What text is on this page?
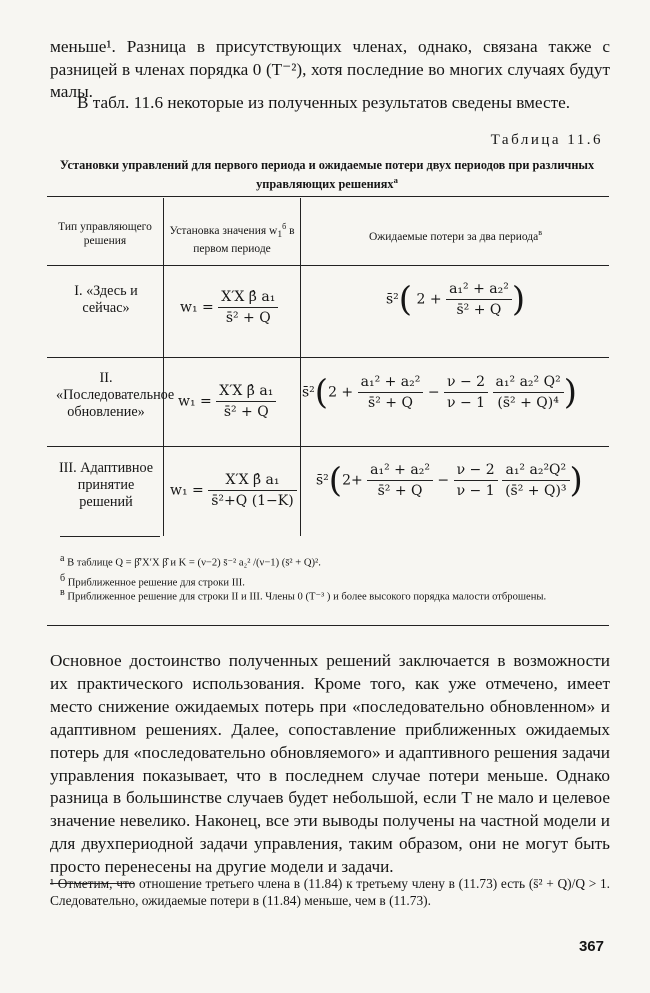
меньше¹. Разница в присутствующих членах, однако, связана также с разницей в членах порядка 0 (T⁻²), хотя последние во многих случаях будут малы.

В табл. 11.6 некоторые из полученных результатов сведены вместе.

Таблица 11.6
Установки управлений для первого периода и ожидаемые потери двух периодов при различных управляющих решениях$^а$
Тип управляющего решения
Установка значения $w_1^б$ в первом периоде
Ожидаемые потери за два периода$^в$
I. «Здесь и сейчас»	$w_1 = \frac{\text{X′X β̂ a₁}}{\text{s̄² + Q}}$	s̄²( $2 + \frac{\text{a₁² + a₂²}}{\text{s̄² + Q}}$ )
II. «Последовательное обновление»
$w_1 = \frac{\text{X′X β̂ a₁}}{\text{s̄² + Q}}$ s̄²(2 + $\frac{\text{a₁² + a₂²}}{\text{s̄² + Q}} - \frac{\nu - 2}{\nu - 1}$
$\frac{\text{a₁² a₂² Q²}}{\text{(s̄² + Q)⁴}}$ )
III. Адаптивное принятие решений
$w_1 = \frac{\text{X′X β̂ a₁}}{\text{s̄²+Q (1−K)}}$ s̄²(2+ $\frac{\text{a₁² + a₂²}}{\text{s̄² + Q}} - \frac{\nu - 2}{\nu - 1}$
$\frac{\text{a₁² a₂²Q²}}{\text{(s̄² + Q)³}}$ )
$^а$ В таблице Q = β̂′X′X β̂ и K = (ν−2) s̄⁻² a₂² /(ν−1) (s̄² + Q)².
$^б$ Приближенное решение для строки III.
$^в$ Приближенное решение для строки II и III. Члены 0 (T⁻³ ) и более высокого порядка малости отброшены.

Основное достоинство полученных решений заключается в возможности их практического использования. Кроме того, как уже отмечено, имеет место снижение ожидаемых потерь при «последовательно обновленном» и адаптивном решениях. Далее, сопоставление приближенных ожидаемых потерь для «последовательно обновляемого» и адаптивного решения задачи управления показывает, что в последнем случае потери меньше. Однако разница в большинстве случаев будет небольшой, если T не мало и целевое значение невелико. Наконец, все эти выводы получены на частной модели и для двухпериодной задачи управления, таким образом, они не могут быть просто перенесены на другие модели и задачи.

¹ Отметим, что отношение третьего члена в (11.84) к третьему члену в (11.73) есть (s̄² + Q)/Q > 1. Следовательно, ожидаемые потери в (11.84) меньше, чем в (11.73).

367
